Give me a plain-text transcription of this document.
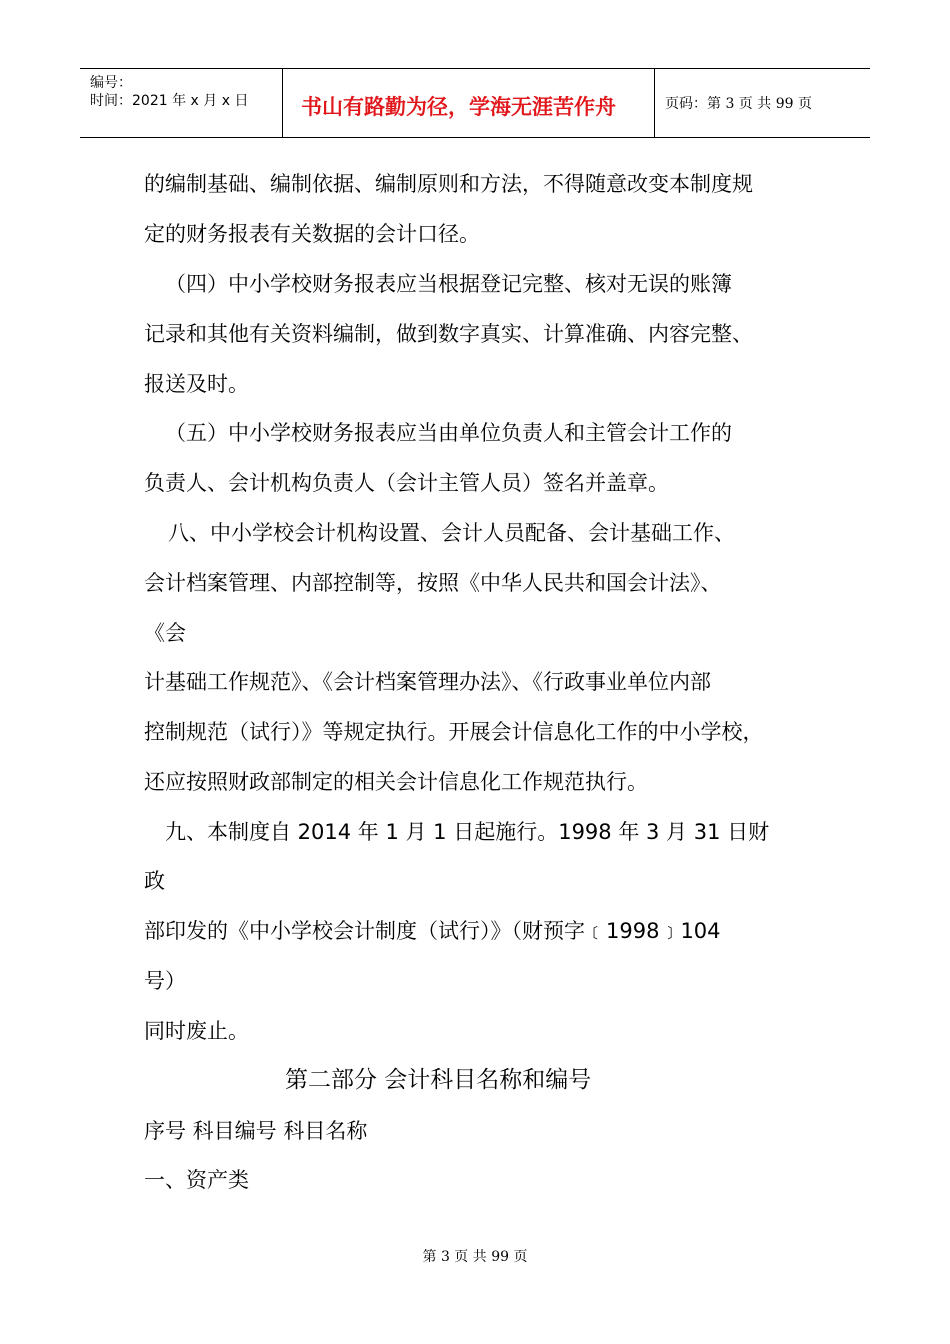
编号：
时间：2021 年 x 月 x 日	书山有路勤为径，学海无涯苦作舟	页码：第 3 页 共 99 页
的编制基础、编制依据、编制原则和方法，不得随意改变本制度规
定的财务报表有关数据的会计口径。
（四）中小学校财务报表应当根据登记完整、核对无误的账簿
记录和其他有关资料编制，做到数字真实、计算准确、内容完整、
报送及时。
（五）中小学校财务报表应当由单位负责人和主管会计工作的
负责人、会计机构负责人（会计主管人员）签名并盖章。
八、中小学校会计机构设置、会计人员配备、会计基础工作、
会计档案管理、内部控制等，按照《中华人民共和国会计法》、
《会
计基础工作规范》、《会计档案管理办法》、《行政事业单位内部
控制规范（试行）》等规定执行。开展会计信息化工作的中小学校，
还应按照财政部制定的相关会计信息化工作规范执行。
九、本制度自 2014 年 1 月 1 日起施行。1998 年 3 月 31 日财
政
部印发的《中小学校会计制度（试行）》（财预字﹝1998﹞104
号）
同时废止。
第二部分 会计科目名称和编号
序号 科目编号 科目名称
一、资产类
第 3 页 共 99 页
